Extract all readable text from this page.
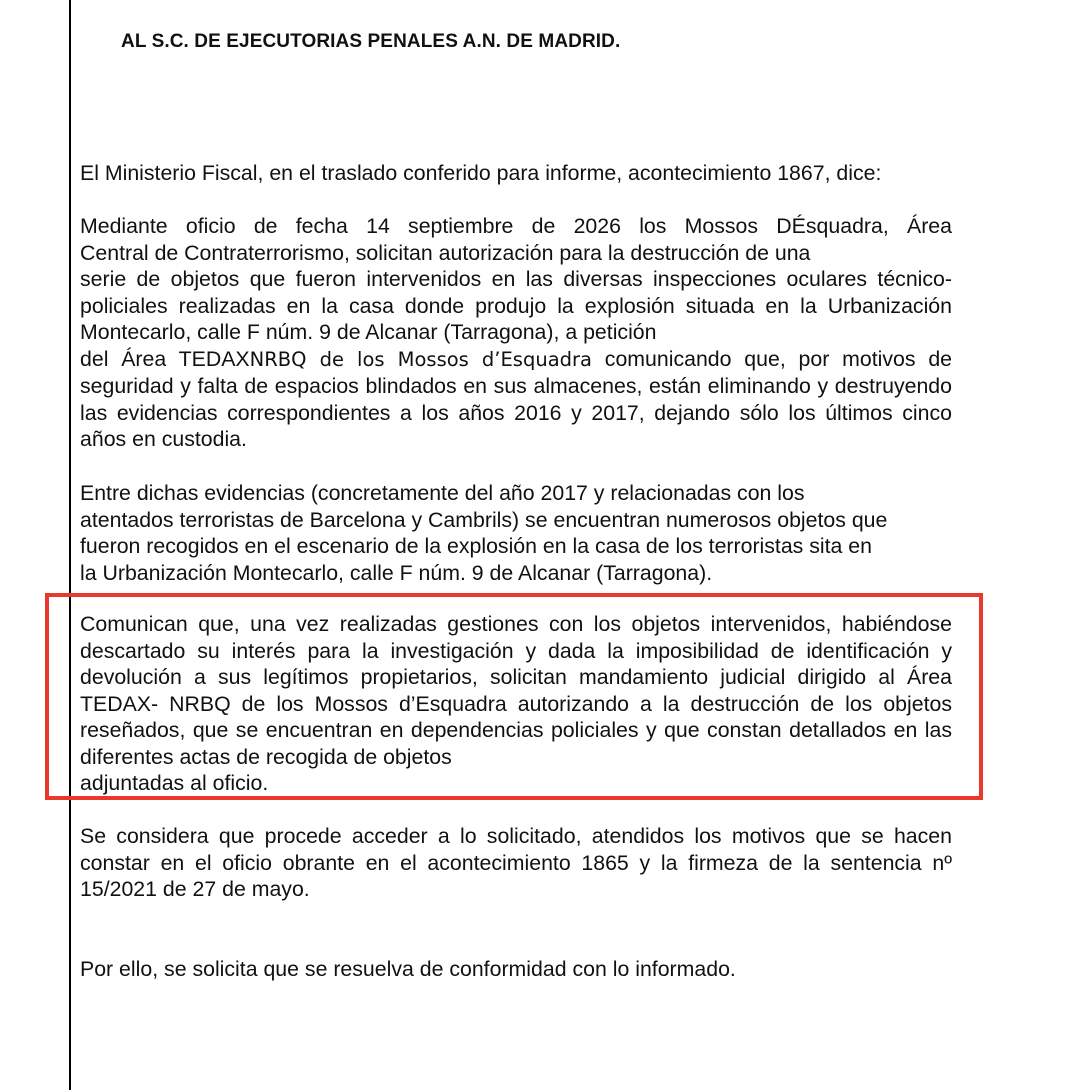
AL S.C. DE EJECUTORIAS PENALES A.N. DE MADRID.

El Ministerio Fiscal, en el traslado conferido para informe, acontecimiento 1867, dice:

Mediante oficio de fecha 14 septiembre de 2026 los Mossos DÉsquadra, Área
Central de Contraterrorismo, solicitan autorización para la destrucción de una
serie de objetos que fueron intervenidos en las diversas inspecciones oculares técnico-policiales realizadas en la casa donde produjo la explosión situada en la Urbanización Montecarlo, calle F núm. 9 de Alcanar (Tarragona), a petición
del Área TEDAXNRBQ de los Mossos d’Esquadra comunicando que, por motivos de seguridad y falta de espacios blindados en sus almacenes, están eliminando y destruyendo las evidencias correspondientes a los años 2016 y 2017, dejando sólo los últimos cinco años en custodia.
Entre dichas evidencias (concretamente del año 2017 y relacionadas con los
atentados terroristas de Barcelona y Cambrils) se encuentran numerosos objetos que
fueron recogidos en el escenario de la explosión en la casa de los terroristas sita en
la Urbanización Montecarlo, calle F núm. 9 de Alcanar (Tarragona).
Comunican que, una vez realizadas gestiones con los objetos intervenidos, habiéndose descartado su interés para la investigación y dada la imposibilidad de identificación y devolución a sus legítimos propietarios, solicitan mandamiento judicial dirigido al Área TEDAX- NRBQ de los Mossos d’Esquadra autorizando a la destrucción de los objetos reseñados, que se encuentran en dependencias policiales y que constan detallados en las diferentes actas de recogida de objetos
adjuntadas al oficio.

Se considera que procede acceder a lo solicitado, atendidos los motivos que se hacen constar en el oficio obrante en el acontecimiento 1865 y la firmeza de la sentencia nº 15/2021 de 27 de mayo.

Por ello, se solicita que se resuelva de conformidad con lo informado.
